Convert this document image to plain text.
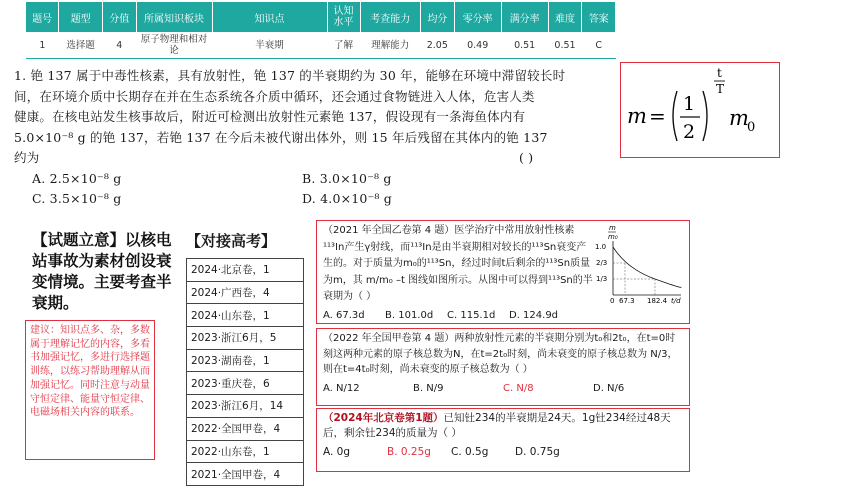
题号	题型	分值	所属知识板块	知识点	认知水平	考查能力	均分	零分率	满分率	难度	答案
1	选择题	4	原子物理和相对论	半衰期	了解	理解能力	2.05	0.49	0.51	0.51	C
1. 铯 137 属于中毒性核素，具有放射性，铯 137 的半衰期约为 30 年，能够在环境中滞留较长时
间，在环境介质中长期存在并在生态系统各介质中循环，还会通过食物链进入人体，危害人类
健康。在核电站发生核事故后，附近可检测出放射性元素铯 137，假设现有一条海鱼体内有
5.0×10⁻⁸ g 的铯 137，若铯 137 在今后未被代谢出体外，则 15 年后残留在其体内的铯 137
约为	( )
A. 2.5×10⁻⁸ g	B. 3.0×10⁻⁸ g
C. 3.5×10⁻⁸ g	D. 4.0×10⁻⁸ g
m = 1
2
t
T
m
0
【试题立意】以核电站事故为素材创设衰变情境。主要考查半衰期。
建议：知识点多、杂，多数属于理解记忆的内容，多看书加强记忆，多进行选择题训练，以练习帮助理解从而加强记忆。同时注意与动量守恒定律、能量守恒定律、电磁场相关内容的联系。
【对接高考】
2024·北京卷，1
2024·广西卷，4
2024·山东卷，1
2023·浙江6月，5
2023·湖南卷，1
2023·重庆卷，6
2023·浙江6月，14
2022·全国甲卷，4
2022·山东卷，1
2021·全国甲卷，4
（2021 年全国乙卷第 4 题）医学治疗中常用放射性核素¹¹³In产生γ射线，而¹¹³In是由半衰期相对较长的¹¹³Sn衰变产生的。对于质量为m₀的¹¹³Sn，经过时间t后剩余的¹¹³Sn质量为m，其 m/m₀ –t 图线如图所示。从图中可以得到¹¹³Sn的半衰期为（ ）
A. 67.3d	B. 101.0d	C. 115.1d	D. 124.9d
m
m₀
1.0
2/3
1/3
0 67.3 182.4 t/d
（2022 年全国甲卷第 4 题）两种放射性元素的半衰期分别为t₀和2t₀，在t=0时刻这两种元素的原子核总数为N，在t=2t₀时刻，尚未衰变的原子核总数为 N/3，则在t=4t₀时刻，尚未衰变的原子核总数为（ ）
A. N/12	B. N/9	C. N/8	D. N/6
（2024年北京卷第1题）已知钍234的半衰期是24天。1g钍234经过48天后，剩余钍234的质量为（ ）
A. 0g	B. 0.25g	C. 0.5g	D. 0.75g
